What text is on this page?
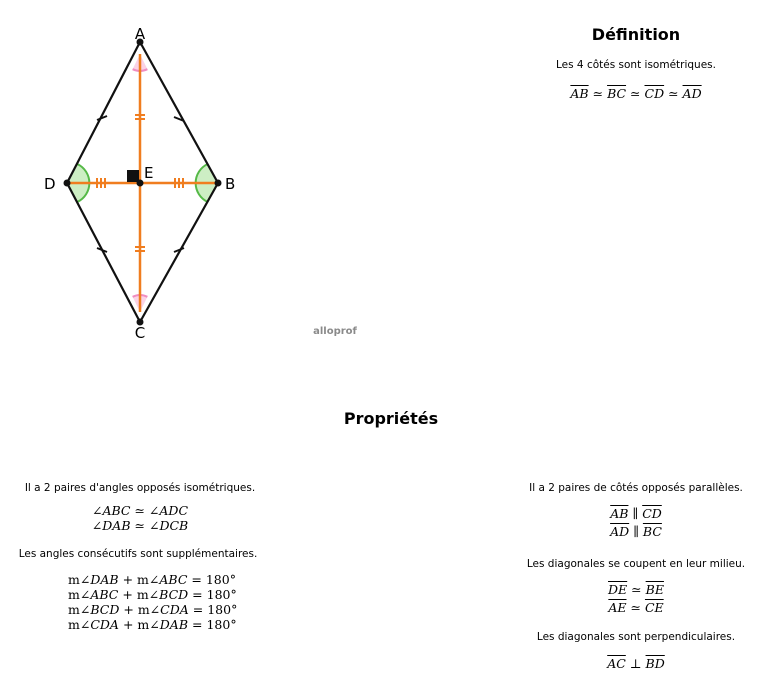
A
B
C
D
E
alloprof
Définition
Les 4 côtés sont isométriques.
$\overline{AB}$ ≃ $\overline{BC}$ ≃ $\overline{CD}$ ≃ $\overline{AD}$
Propriétés
Il a 2 paires d'angles opposés isométriques.
∠ABC ≃ ∠ADC
∠DAB ≃ ∠DCB
Les angles consécutifs sont supplémentaires.
m∠DAB + m∠ABC = 180°
m∠ABC + m∠BCD = 180°
m∠BCD + m∠CDA = 180°
m∠CDA + m∠DAB = 180°
Il a 2 paires de côtés opposés parallèles.
$\overline{AB}$ ∥ $\overline{CD}$
$\overline{AD}$ ∥ $\overline{BC}$
Les diagonales se coupent en leur milieu.
$\overline{DE}$ ≃ $\overline{BE}$
$\overline{AE}$ ≃ $\overline{CE}$
Les diagonales sont perpendiculaires.
$\overline{AC}$ ⊥ $\overline{BD}$
